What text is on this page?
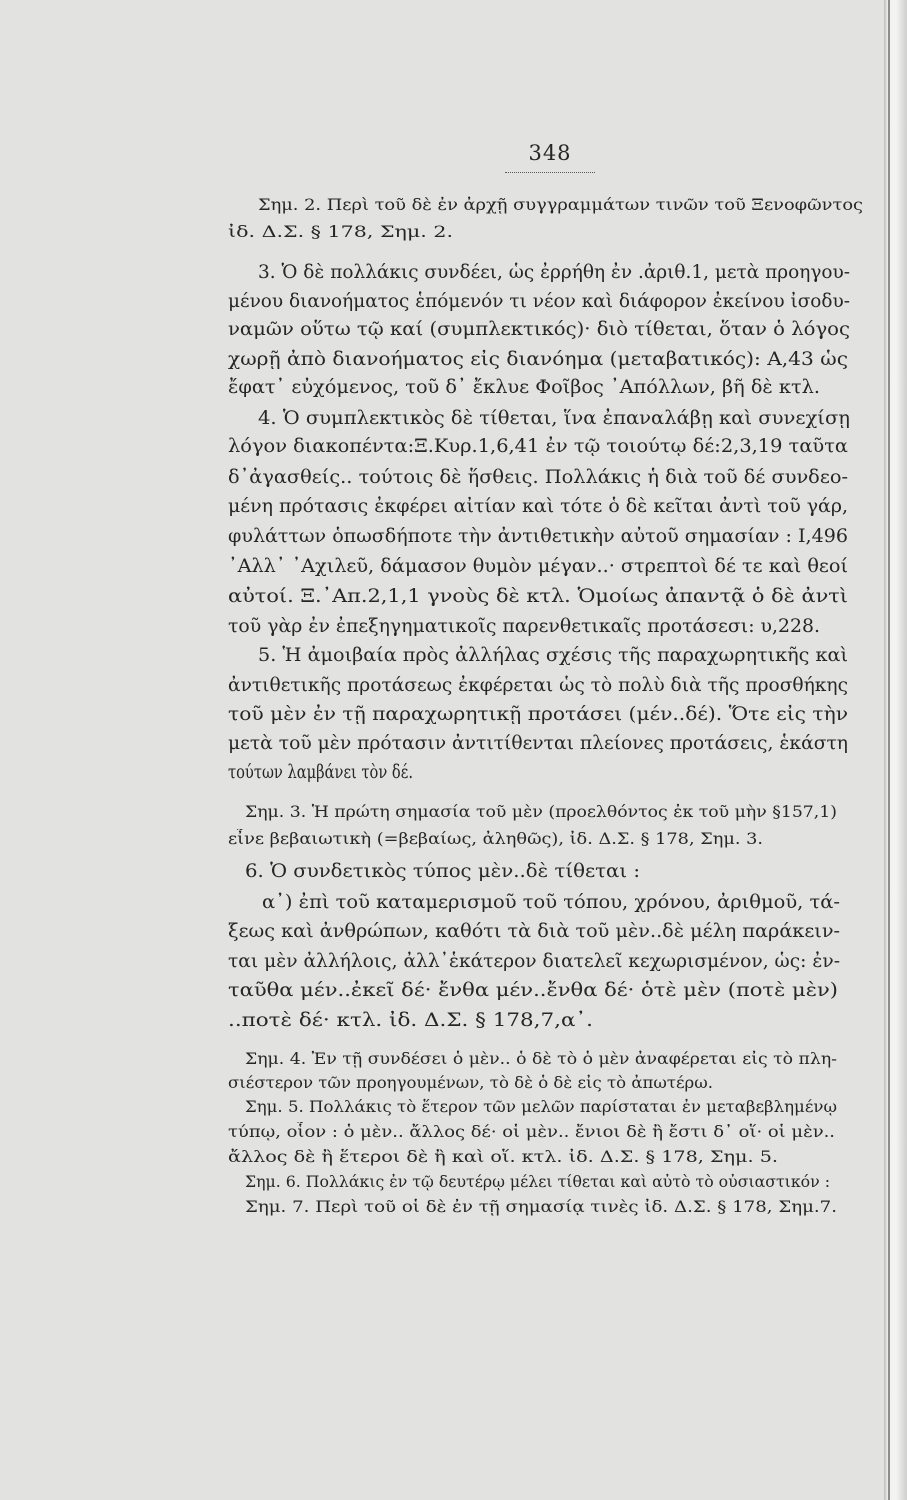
348
Σημ. 2. Περὶ τοῦ δὲ ἐν ἀρχῇ συγγραμμάτων τινῶν τοῦ Ξενοφῶντος
ἰδ. Δ.Σ. § 178, Σημ. 2.
3. Ὁ δὲ πολλάκις συνδέει, ὡς ἐρρήθη ἐν .ἀριθ.1, μετὰ προηγου-
μένου διανοήματος ἑπόμενόν τι νέον καὶ διάφορον ἐκείνου ἰσοδυ-
ναμῶν οὕτω τῷ καί (συμπλεκτικός)· διὸ τίθεται, ὅταν ὁ λόγος
χωρῇ ἀπὸ διανοήματος εἰς διανόημα (μεταβατικός): Α,43 ὡς
ἔφατ᾽ εὐχόμενος, τοῦ δ᾽ ἔκλυε Φοῖβος ᾽Απόλλων, βῆ δὲ κτλ.
4. Ὁ συμπλεκτικὸς δὲ τίθεται, ἵνα ἐπαναλάβῃ καὶ συνεχίσῃ
λόγον διακοπέντα:Ξ.Κυρ.1,6,41 ἐν τῷ τοιούτῳ δέ:2,3,19 ταῦτα
δ᾽ἀγασθείς.. τούτοις δὲ ἥσθεις. Πολλάκις ἡ διὰ τοῦ δέ συνδεο-
μένη πρότασις ἐκφέρει αἰτίαν καὶ τότε ὁ δὲ κεῖται ἀντὶ τοῦ γάρ,
φυλάττων ὁπωσδήποτε τὴν ἀντιθετικὴν αὐτοῦ σημασίαν : I,496
᾽Αλλ᾽ ᾽Αχιλεῦ, δάμασον θυμὸν μέγαν..· στρεπτοὶ δέ τε καὶ θεοί
αὐτοί. Ξ.᾽Απ.2,1,1 γνοὺς δὲ κτλ. Ὁμοίως ἀπαντᾷ ὁ δὲ ἀντὶ
τοῦ γὰρ ἐν ἐπεξηγηματικοῖς παρενθετικαῖς προτάσεσι: υ,228.
5. Ἡ ἀμοιβαία πρὸς ἀλλήλας σχέσις τῆς παραχωρητικῆς καὶ
ἀντιθετικῆς προτάσεως ἐκφέρεται ὡς τὸ πολὺ διὰ τῆς προσθήκης
τοῦ μὲν ἐν τῇ παραχωρητικῇ προτάσει (μέν..δέ). Ὅτε εἰς τὴν
μετὰ τοῦ μὲν πρότασιν ἀντιτίθενται πλείονες προτάσεις, ἑκάστη
τούτων λαμβάνει τὸν δέ.
Σημ. 3. Ἡ πρώτη σημασία τοῦ μὲν (προελθόντος ἐκ τοῦ μὴν §157,1)
εἶνε βεβαιωτικὴ (=βεβαίως, ἀληθῶς), ἰδ. Δ.Σ. § 178, Σημ. 3.
6. Ὁ συνδετικὸς τύπος μὲν..δὲ τίθεται :
α᾽) ἐπὶ τοῦ καταμερισμοῦ τοῦ τόπου, χρόνου, ἀριθμοῦ, τά-
ξεως καὶ ἀνθρώπων, καθότι τὰ διὰ τοῦ μὲν..δὲ μέλη παράκειν-
ται μὲν ἀλλήλοις, ἀλλ᾽ἑκάτερον διατελεῖ κεχωρισμένον, ὡς: ἐν-
ταῦθα μέν..ἐκεῖ δέ· ἔνθα μέν..ἔνθα δέ· ὁτὲ μὲν (ποτὲ μὲν)
..ποτὲ δέ· κτλ. ἰδ. Δ.Σ. § 178,7,α᾽.
Σημ. 4. Ἐν τῇ συνδέσει ὁ μὲν.. ὁ δὲ τὸ ὁ μὲν ἀναφέρεται εἰς τὸ πλη-
σιέστερον τῶν προηγουμένων, τὸ δὲ ὁ δὲ εἰς τὸ ἀπωτέρω.
Σημ. 5. Πολλάκις τὸ ἕτερον τῶν μελῶν παρίσταται ἐν μεταβεβλημένῳ
τύπῳ, οἷον : ὁ μὲν.. ἄλλος δέ· οἱ μὲν.. ἔνιοι δὲ ἢ ἔστι δ᾽ οἵ· οἱ μὲν..
ἄλλος δὲ ἢ ἕτεροι δὲ ἢ καὶ οἵ. κτλ. ἰδ. Δ.Σ. § 178, Σημ. 5.
Σημ. 6. Πολλάκις ἐν τῷ δευτέρῳ μέλει τίθεται καὶ αὐτὸ τὸ οὐσιαστικόν :
Σημ. 7. Περὶ τοῦ οἱ δὲ ἐν τῇ σημασίᾳ τινὲς ἰδ. Δ.Σ. § 178, Σημ.7.
